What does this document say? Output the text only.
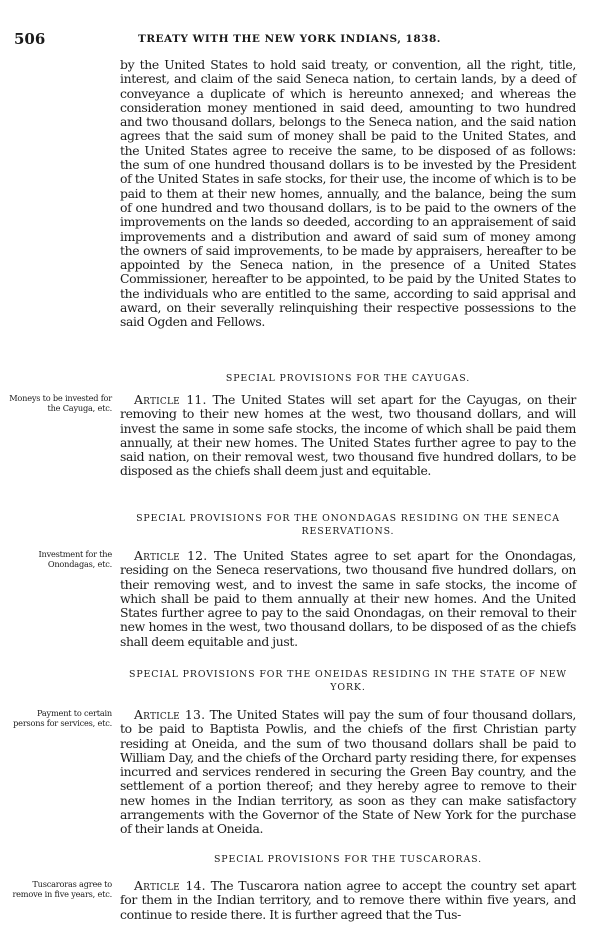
506	TREATY WITH THE NEW YORK INDIANS, 1838.

by the United States to hold said treaty, or convention, all the right, title, interest, and claim of the said Seneca nation, to certain lands, by a deed of conveyance a duplicate of which is hereunto annexed; and whereas the consideration money mentioned in said deed, amounting to two hundred and two thousand dollars, belongs to the Seneca nation, and the said nation agrees that the said sum of money shall be paid to the United States, and the United States agree to receive the same, to be disposed of as follows: the sum of one hundred thousand dollars is to be invested by the President of the United States in safe stocks, for their use, the income of which is to be paid to them at their new homes, annually, and the balance, being the sum of one hundred and two thousand dollars, is to be paid to the owners of the improvements on the lands so deeded, according to an appraisement of said improvements and a distribution and award of said sum of money among the owners of said improvements, to be made by appraisers, hereafter to be appointed by the Seneca nation, in the presence of a United States Commissioner, hereafter to be appointed, to be paid by the United States to the individuals who are entitled to the same, according to said apprisal and award, on their severally relinquishing their respective possessions to the said Ogden and Fellows.

SPECIAL PROVISIONS FOR THE CAYUGAS.
Moneys to be invested for the Cayuga, etc.

Article 11. The United States will set apart for the Cayugas, on their removing to their new homes at the west, two thousand dollars, and will invest the same in some safe stocks, the income of which shall be paid them annually, at their new homes. The United States further agree to pay to the said nation, on their removal west, two thousand five hundred dollars, to be disposed as the chiefs shall deem just and equitable.

SPECIAL PROVISIONS FOR THE ONONDAGAS RESIDING ON THE SENECA RESERVATIONS.
Investment for the Onondagas, etc.

Article 12. The United States agree to set apart for the Onondagas, residing on the Seneca reservations, two thousand five hundred dollars, on their removing west, and to invest the same in safe stocks, the income of which shall be paid to them annually at their new homes. And the United States further agree to pay to the said Onondagas, on their removal to their new homes in the west, two thousand dollars, to be disposed of as the chiefs shall deem equitable and just.

SPECIAL PROVISIONS FOR THE ONEIDAS RESIDING IN THE STATE OF NEW YORK.
Payment to certain persons for services, etc.

Article 13. The United States will pay the sum of four thousand dollars, to be paid to Baptista Powlis, and the chiefs of the first Christian party residing at Oneida, and the sum of two thousand dollars shall be paid to William Day, and the chiefs of the Orchard party residing there, for expenses incurred and services rendered in securing the Green Bay country, and the settlement of a portion thereof; and they hereby agree to remove to their new homes in the Indian territory, as soon as they can make satisfactory arrangements with the Governor of the State of New York for the purchase of their lands at Oneida.

SPECIAL PROVISIONS FOR THE TUSCARORAS.
Tuscaroras agree to remove in five years, etc.

Article 14. The Tuscarora nation agree to accept the country set apart for them in the Indian territory, and to remove there within five years, and continue to reside there. It is further agreed that the Tus-
